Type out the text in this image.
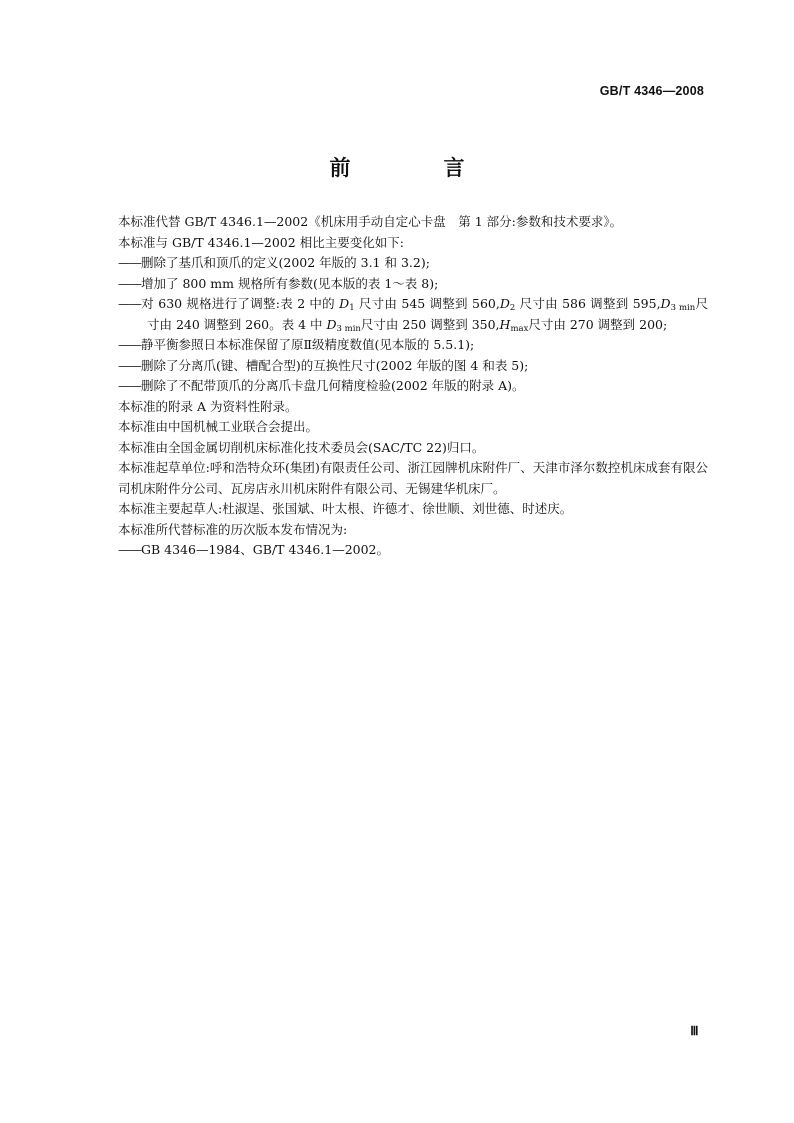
GB/T 4346—2008
前　言

本标准代替 GB/T 4346.1—2002《机床用手动自定心卡盘　第 1 部分:参数和技术要求》。

本标准与 GB/T 4346.1—2002 相比主要变化如下:

——删除了基爪和顶爪的定义(2002 年版的 3.1 和 3.2);

——增加了 800 mm 规格所有参数(见本版的表 1～表 8);

——对 630 规格进行了调整:表 2 中的 $D_1$ 尺寸由 545 调整到 $560,D_2$ 尺寸由 586 调整到 $595,D_{3 min}$尺寸由 240 调整到 260。表 4 中 $D_{3 min}$尺寸由 250 调整到 $350,H_{max}$尺寸由 270 调整到 200;

——静平衡参照日本标准保留了原Ⅱ级精度数值(见本版的 5.5.1);

——删除了分离爪(键、槽配合型)的互换性尺寸(2002 年版的图 4 和表 5);

——删除了不配带顶爪的分离爪卡盘几何精度检验(2002 年版的附录 A)。

本标准的附录 A 为资料性附录。

本标准由中国机械工业联合会提出。

本标准由全国金属切削机床标准化技术委员会(SAC/TC 22)归口。

本标准起草单位:呼和浩特众环(集团)有限责任公司、浙江园牌机床附件厂、天津市泽尔数控机床成套有限公司机床附件分公司、瓦房店永川机床附件有限公司、无锡建华机床厂。

本标准主要起草人:杜淑逞、张国斌、叶太根、许德才、徐世顺、刘世德、时述庆。

本标准所代替标准的历次版本发布情况为:

——GB 4346—1984、GB/T 4346.1—2002。

Ⅲ
